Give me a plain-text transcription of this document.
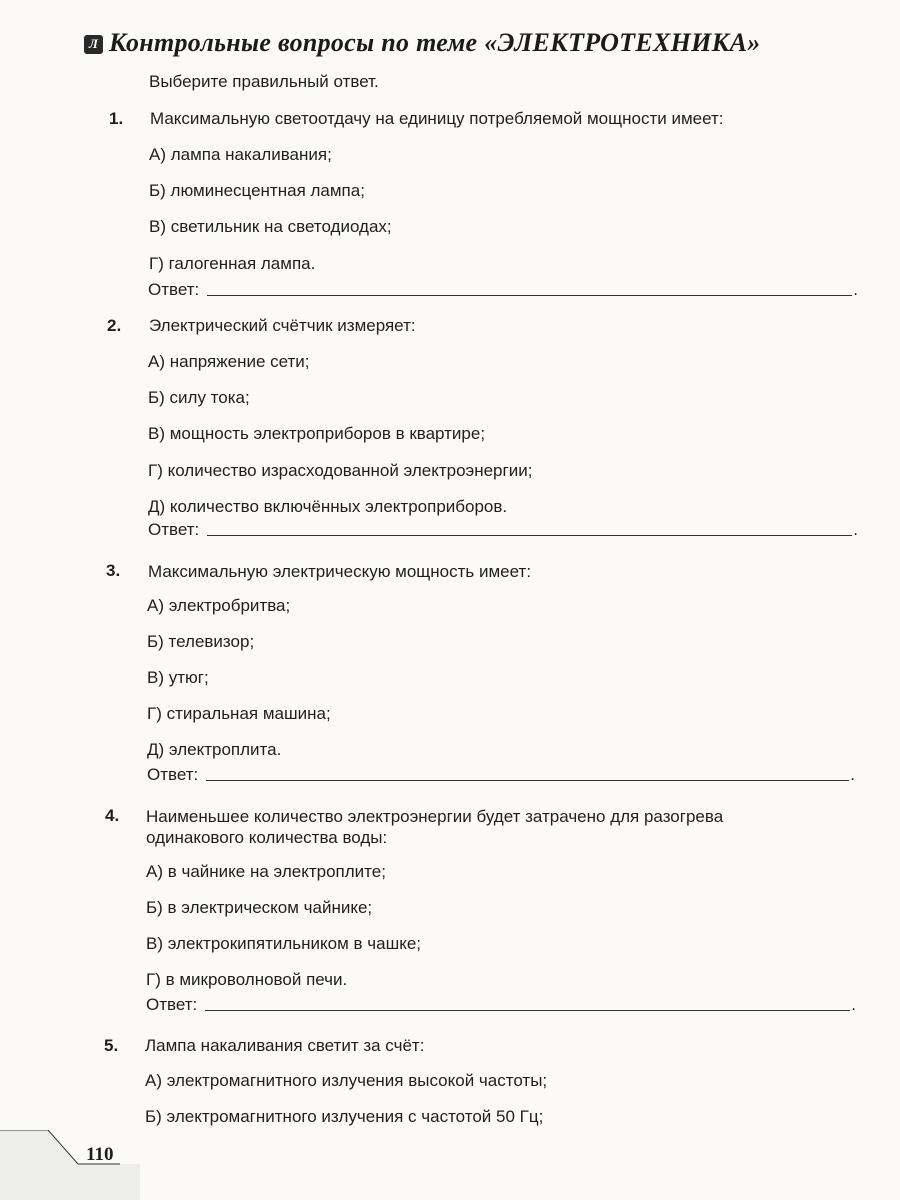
Л Контрольные вопросы по теме «ЭЛЕКТРОТЕХНИКА»
Выберите правильный ответ.
1. Максимальную светоотдачу на единицу потребляемой мощности имеет:
А) лампа накаливания;
Б) люминесцентная лампа;
В) светильник на светодиодах;
Г) галогенная лампа.
Ответ:	.
2. Электрический счётчик измеряет:
А) напряжение сети;
Б) силу тока;
В) мощность электроприборов в квартире;
Г) количество израсходованной электроэнергии;
Д) количество включённых электроприборов.
Ответ:	.
3. Максимальную электрическую мощность имеет:
А) электробритва;
Б) телевизор;
В) утюг;
Г) стиральная машина;
Д) электроплита.
Ответ:	.
4. Наименьшее количество электроэнергии будет затрачено для разогрева
одинакового количества воды:
А) в чайнике на электроплите;
Б) в электрическом чайнике;
В) электрокипятильником в чашке;
Г) в микроволновой печи.
Ответ:	.
5. Лампа накаливания светит за счёт:
А) электромагнитного излучения высокой частоты;
Б) электромагнитного излучения с частотой 50 Гц;
110
